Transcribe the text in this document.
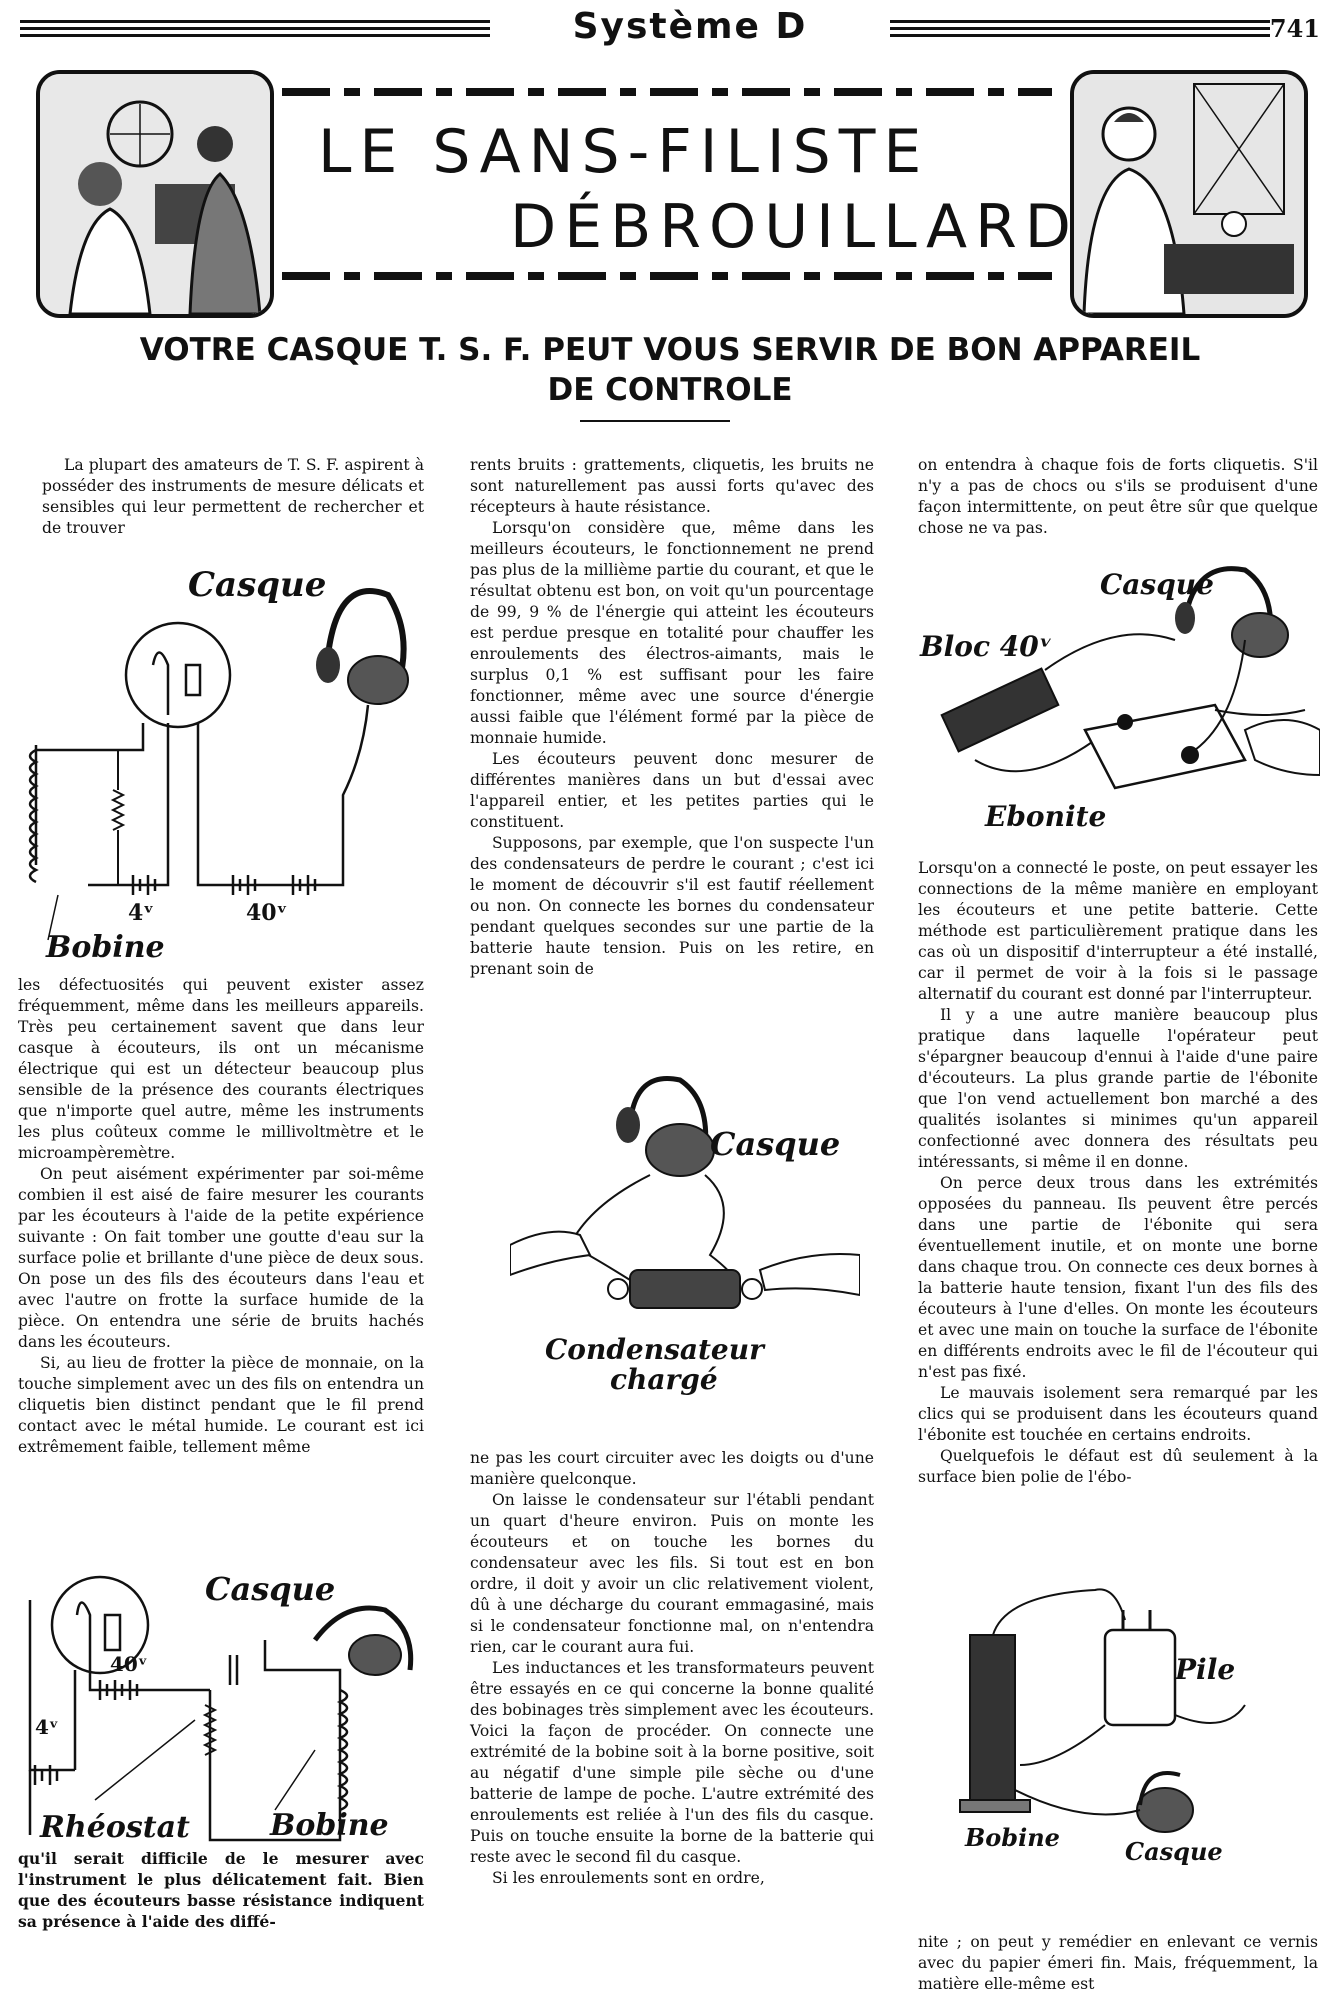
Système D	741
LE SANS-FILISTE
DÉBROUILLARD
VOTRE CASQUE T. S. F. PEUT VOUS SERVIR DE BON APPAREIL
DE CONTROLE

La plupart des amateurs de T. S. F. aspirent à posséder des instruments de mesure délicats et sensibles qui leur permettent de rechercher et de trouver

Casque
4ᵛ	40ᵛ
Bobine

les défectuosités qui peuvent exister assez fréquemment, même dans les meilleurs appareils. Très peu certainement savent que dans leur casque à écouteurs, ils ont un mécanisme électrique qui est un détecteur beaucoup plus sensible de la présence des courants électriques que n'importe quel autre, même les instruments les plus coûteux comme le millivoltmètre et le microampèremètre.

On peut aisément expérimenter par soi-même combien il est aisé de faire mesurer les courants par les écouteurs à l'aide de la petite expérience suivante : On fait tomber une goutte d'eau sur la surface polie et brillante d'une pièce de deux sous. On pose un des fils des écouteurs dans l'eau et avec l'autre on frotte la surface humide de la pièce. On entendra une série de bruits hachés dans les écouteurs.

Si, au lieu de frotter la pièce de monnaie, on la touche simplement avec un des fils on entendra un cliquetis bien distinct pendant que le fil prend contact avec le métal humide. Le courant est ici extrêmement faible, tellement même

Casque
40ᵛ
4ᵛ
Rhéostat	Bobine

qu'il serait difficile de le mesurer avec l'instrument le plus délicatement fait. Bien que des écouteurs basse résistance indiquent sa présence à l'aide des diffé-

rents bruits : grattements, cliquetis, les bruits ne sont naturellement pas aussi forts qu'avec des récepteurs à haute résistance.

Lorsqu'on considère que, même dans les meilleurs écouteurs, le fonctionnement ne prend pas plus de la millième partie du courant, et que le résultat obtenu est bon, on voit qu'un pourcentage de 99, 9 % de l'énergie qui atteint les écouteurs est perdue presque en totalité pour chauffer les enroulements des électros-aimants, mais le surplus 0,1 % est suffisant pour les faire fonctionner, même avec une source d'énergie aussi faible que l'élément formé par la pièce de monnaie humide.

Les écouteurs peuvent donc mesurer de différentes manières dans un but d'essai avec l'appareil entier, et les petites parties qui le constituent.

Supposons, par exemple, que l'on suspecte l'un des condensateurs de perdre le courant ; c'est ici le moment de découvrir s'il est fautif réellement ou non. On connecte les bornes du condensateur pendant quelques secondes sur une partie de la batterie haute tension. Puis on les retire, en prenant soin de

Casque
Condensateur
chargé

ne pas les court circuiter avec les doigts ou d'une manière quelconque.

On laisse le condensateur sur l'établi pendant un quart d'heure environ. Puis on monte les écouteurs et on touche les bornes du condensateur avec les fils. Si tout est en bon ordre, il doit y avoir un clic relativement violent, dû à une décharge du courant emmagasiné, mais si le condensateur fonctionne mal, on n'entendra rien, car le courant aura fui.

Les inductances et les transformateurs peuvent être essayés en ce qui concerne la bonne qualité des bobinages très simplement avec les écouteurs. Voici la façon de procéder. On connecte une extrémité de la bobine soit à la borne positive, soit au négatif d'une simple pile sèche ou d'une batterie de lampe de poche. L'autre extrémité des enroulements est reliée à l'un des fils du casque. Puis on touche ensuite la borne de la batterie qui reste avec le second fil du casque.

Si les enroulements sont en ordre,

on entendra à chaque fois de forts cliquetis. S'il n'y a pas de chocs ou s'ils se produisent d'une façon intermittente, on peut être sûr que quelque chose ne va pas.

Casque
Bloc 40ᵛ
Ebonite

Lorsqu'on a connecté le poste, on peut essayer les connections de la même manière en employant les écouteurs et une petite batterie. Cette méthode est particulièrement pratique dans les cas où un dispositif d'interrupteur a été installé, car il permet de voir à la fois si le passage alternatif du courant est donné par l'interrupteur.

Il y a une autre manière beaucoup plus pratique dans laquelle l'opérateur peut s'épargner beaucoup d'ennui à l'aide d'une paire d'écouteurs. La plus grande partie de l'ébonite que l'on vend actuellement bon marché a des qualités isolantes si minimes qu'un appareil confectionné avec donnera des résultats peu intéressants, si même il en donne.

On perce deux trous dans les extrémités opposées du panneau. Ils peuvent être percés dans une partie de l'ébonite qui sera éventuellement inutile, et on monte une borne dans chaque trou. On connecte ces deux bornes à la batterie haute tension, fixant l'un des fils des écouteurs à l'une d'elles. On monte les écouteurs et avec une main on touche la surface de l'ébonite en différents endroits avec le fil de l'écouteur qui n'est pas fixé.

Le mauvais isolement sera remarqué par les clics qui se produisent dans les écouteurs quand l'ébonite est touchée en certains endroits.

Quelquefois le défaut est dû seulement à la surface bien polie de l'ébo-

Pile
Bobine	Casque

nite ; on peut y remédier en enlevant ce vernis avec du papier émeri fin. Mais, fréquemment, la matière elle-même est
